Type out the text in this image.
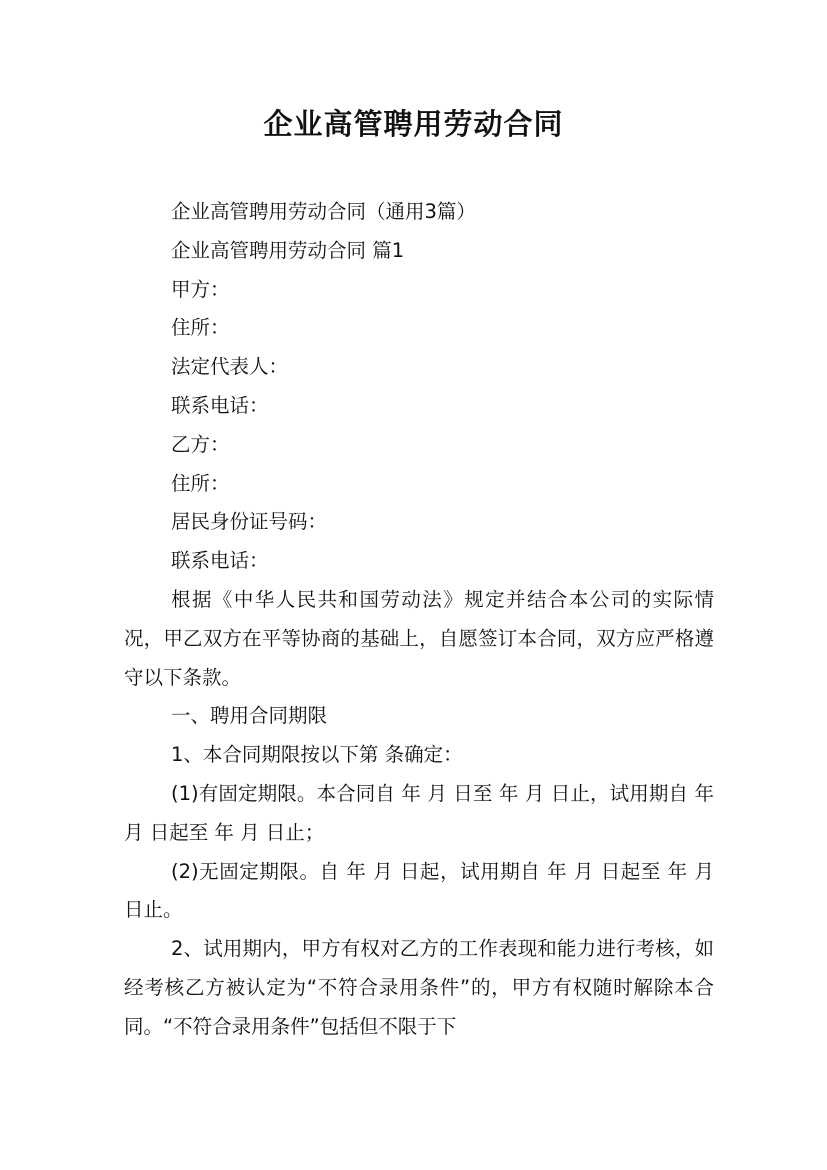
企业高管聘用劳动合同

企业高管聘用劳动合同（通用3篇）

企业高管聘用劳动合同 篇1

甲方：

住所：

法定代表人：

联系电话：

乙方：

住所：

居民身份证号码：

联系电话：

根据《中华人民共和国劳动法》规定并结合本公司的实际情况，甲乙双方在平等协商的基础上，自愿签订本合同，双方应严格遵守以下条款。

一、聘用合同期限

1、本合同期限按以下第 条确定：

(1)有固定期限。本合同自 年 月 日至 年 月 日止，试用期自 年 月 日起至 年 月 日止；

(2)无固定期限。自 年 月 日起，试用期自 年 月 日起至 年 月 日止。

2、试用期内，甲方有权对乙方的工作表现和能力进行考核，如经考核乙方被认定为“不符合录用条件”的，甲方有权随时解除本合同。“不符合录用条件”包括但不限于下
